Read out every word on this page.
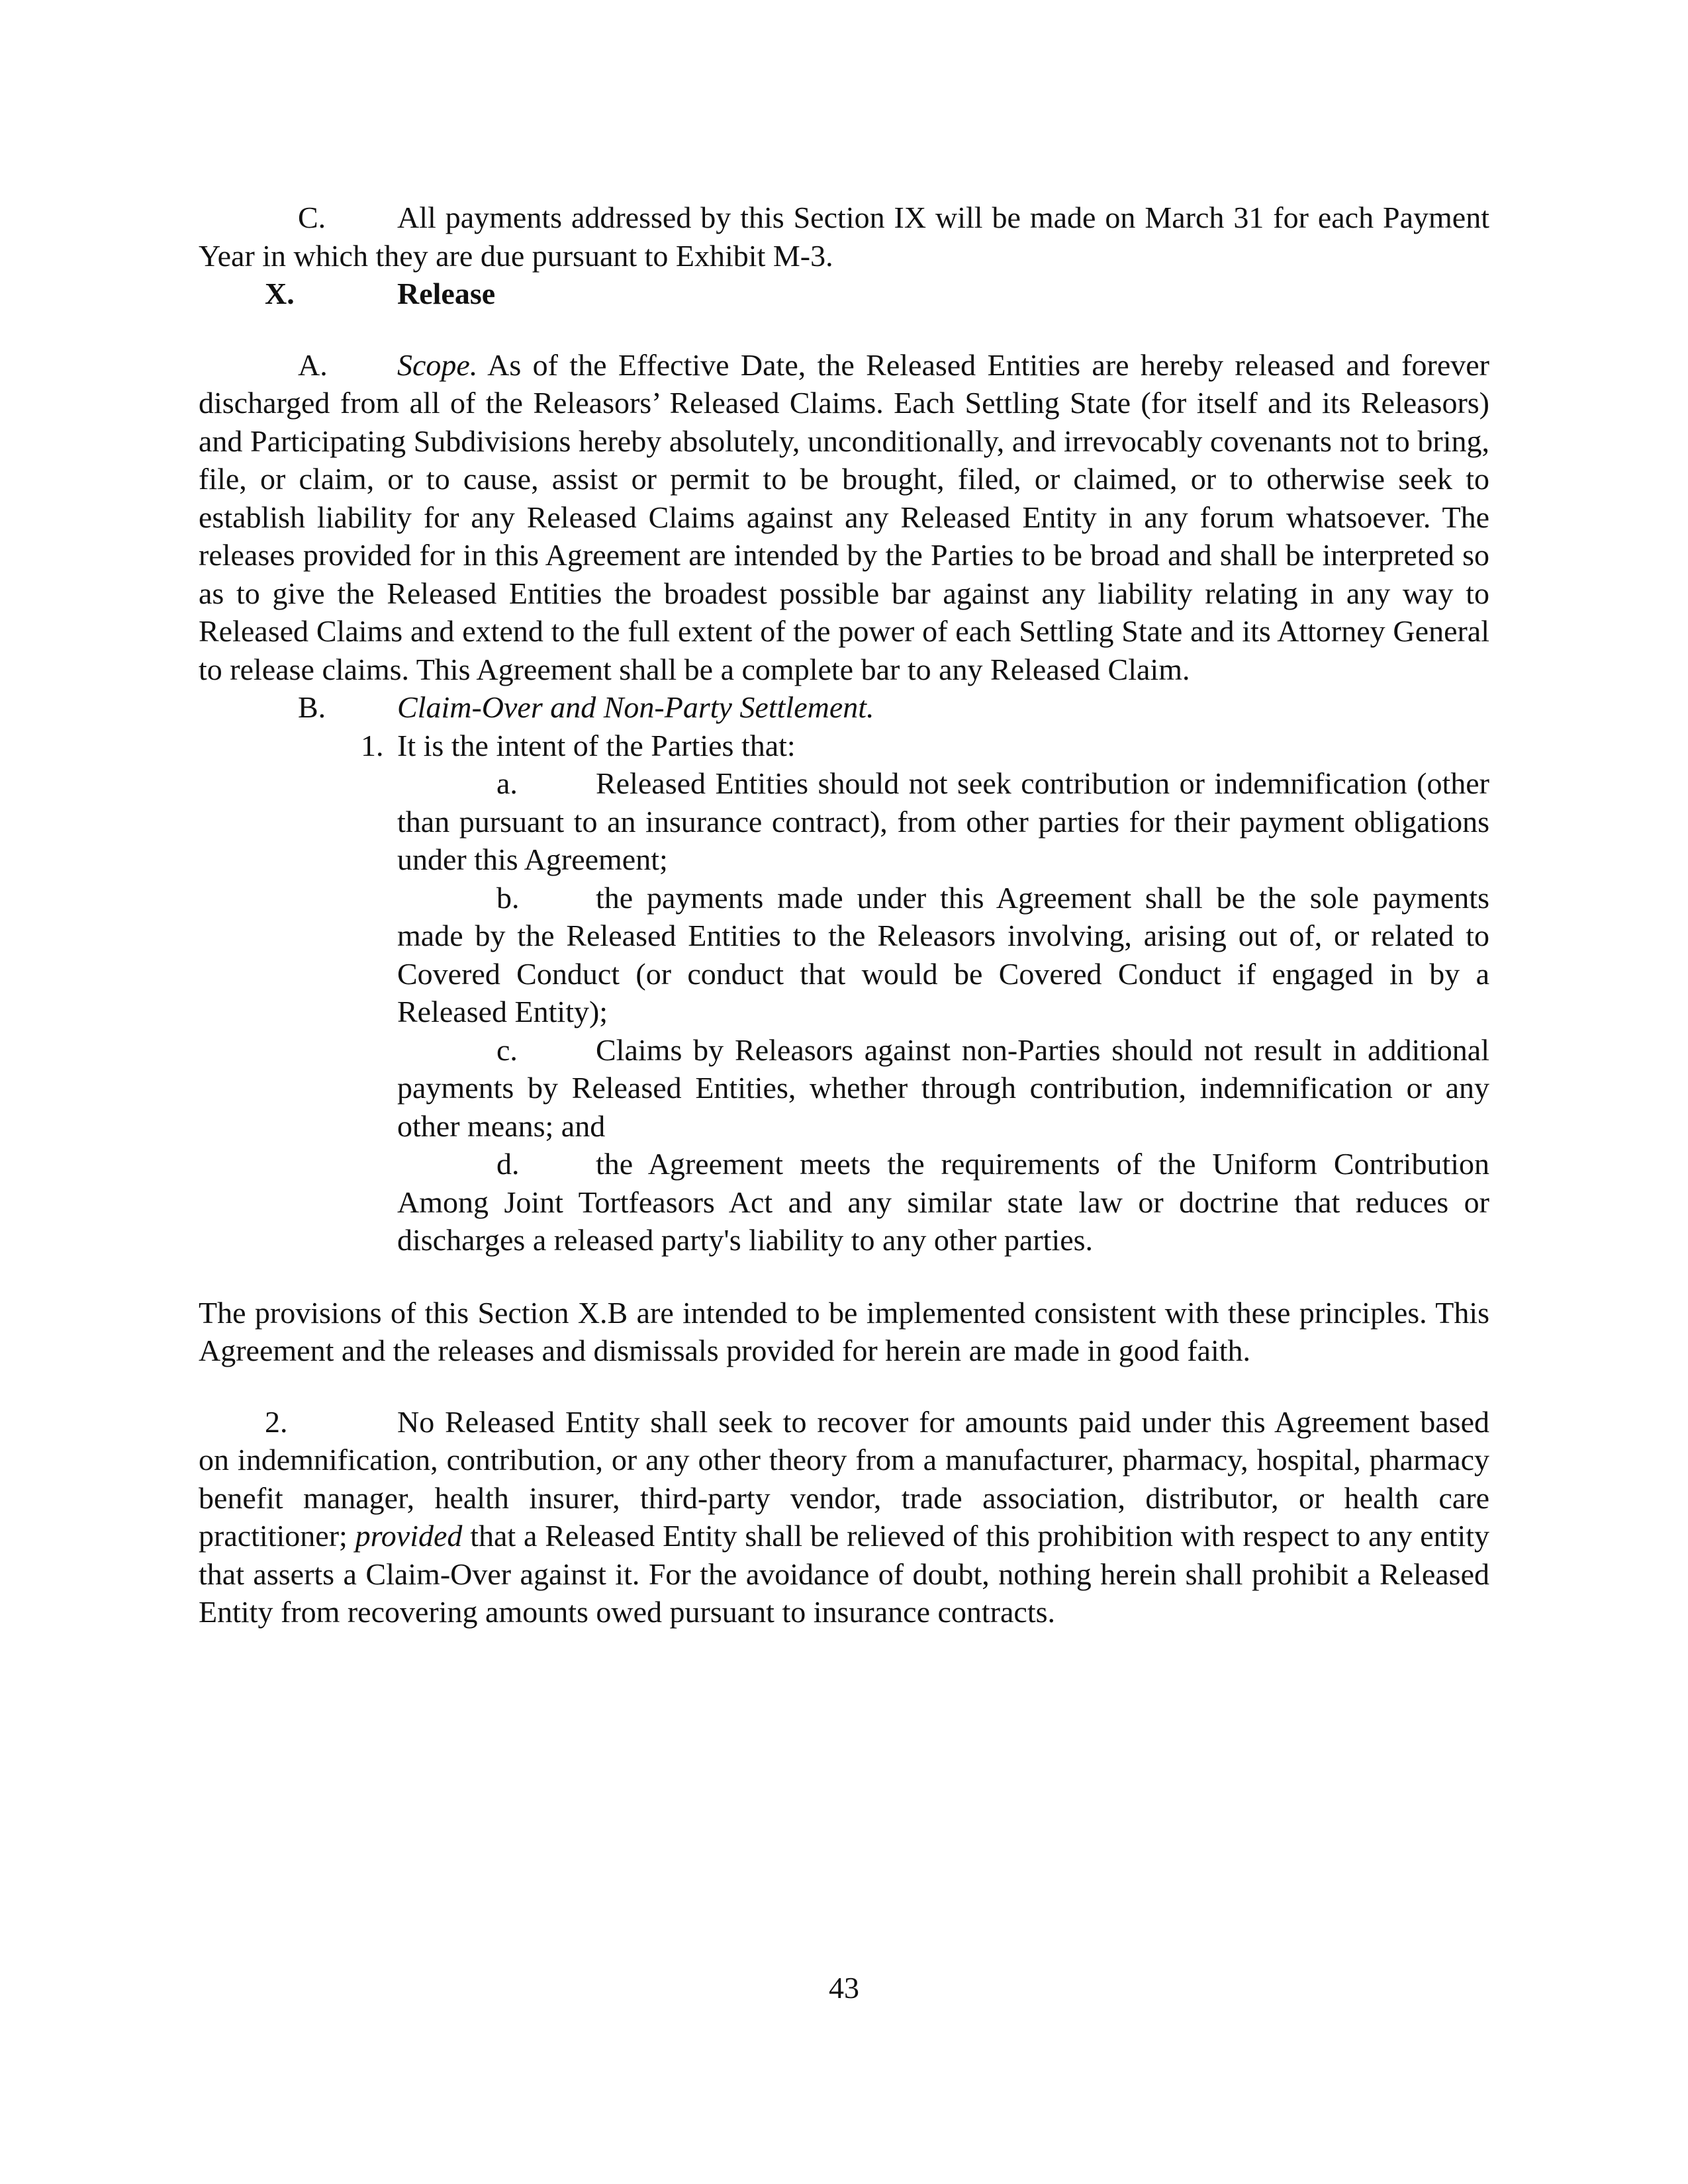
C. All payments addressed by this Section IX will be made on March 31 for each Payment Year in which they are due pursuant to Exhibit M-3.

X.	Release

A. Scope. As of the Effective Date, the Released Entities are hereby released and forever discharged from all of the Releasors’ Released Claims. Each Settling State (for itself and its Releasors) and Participating Subdivisions hereby absolutely, unconditionally, and irrevocably covenants not to bring, file, or claim, or to cause, assist or permit to be brought, filed, or claimed, or to otherwise seek to establish liability for any Released Claims against any Released Entity in any forum whatsoever. The releases provided for in this Agreement are intended by the Parties to be broad and shall be interpreted so as to give the Released Entities the broadest possible bar against any liability relating in any way to Released Claims and extend to the full extent of the power of each Settling State and its Attorney General to release claims. This Agreement shall be a complete bar to any Released Claim.

B. Claim-Over and Non-Party Settlement.

1. It is the intent of the Parties that:

a.	Released Entities should not seek contribution or indemnification (other than pursuant to an insurance contract), from other parties for their payment obligations under this Agreement;

b.	the payments made under this Agreement shall be the sole payments made by the Released Entities to the Releasors involving, arising out of, or related to Covered Conduct (or conduct that would be Covered Conduct if engaged in by a Released Entity);

c.	Claims by Releasors against non-Parties should not result in additional payments by Released Entities, whether through contribution, indemnification or any other means; and

d.	the Agreement meets the requirements of the Uniform Contribution Among Joint Tortfeasors Act and any similar state law or doctrine that reduces or discharges a released party's liability to any other parties.

The provisions of this Section X.B are intended to be implemented consistent with these principles. This Agreement and the releases and dismissals provided for herein are made in good faith.

2.	No Released Entity shall seek to recover for amounts paid under this Agreement based on indemnification, contribution, or any other theory from a manufacturer, pharmacy, hospital, pharmacy benefit manager, health insurer, third-party vendor, trade association, distributor, or health care practitioner; provided that a Released Entity shall be relieved of this prohibition with respect to any entity that asserts a Claim-Over against it. For the avoidance of doubt, nothing herein shall prohibit a Released Entity from recovering amounts owed pursuant to insurance contracts.

43
